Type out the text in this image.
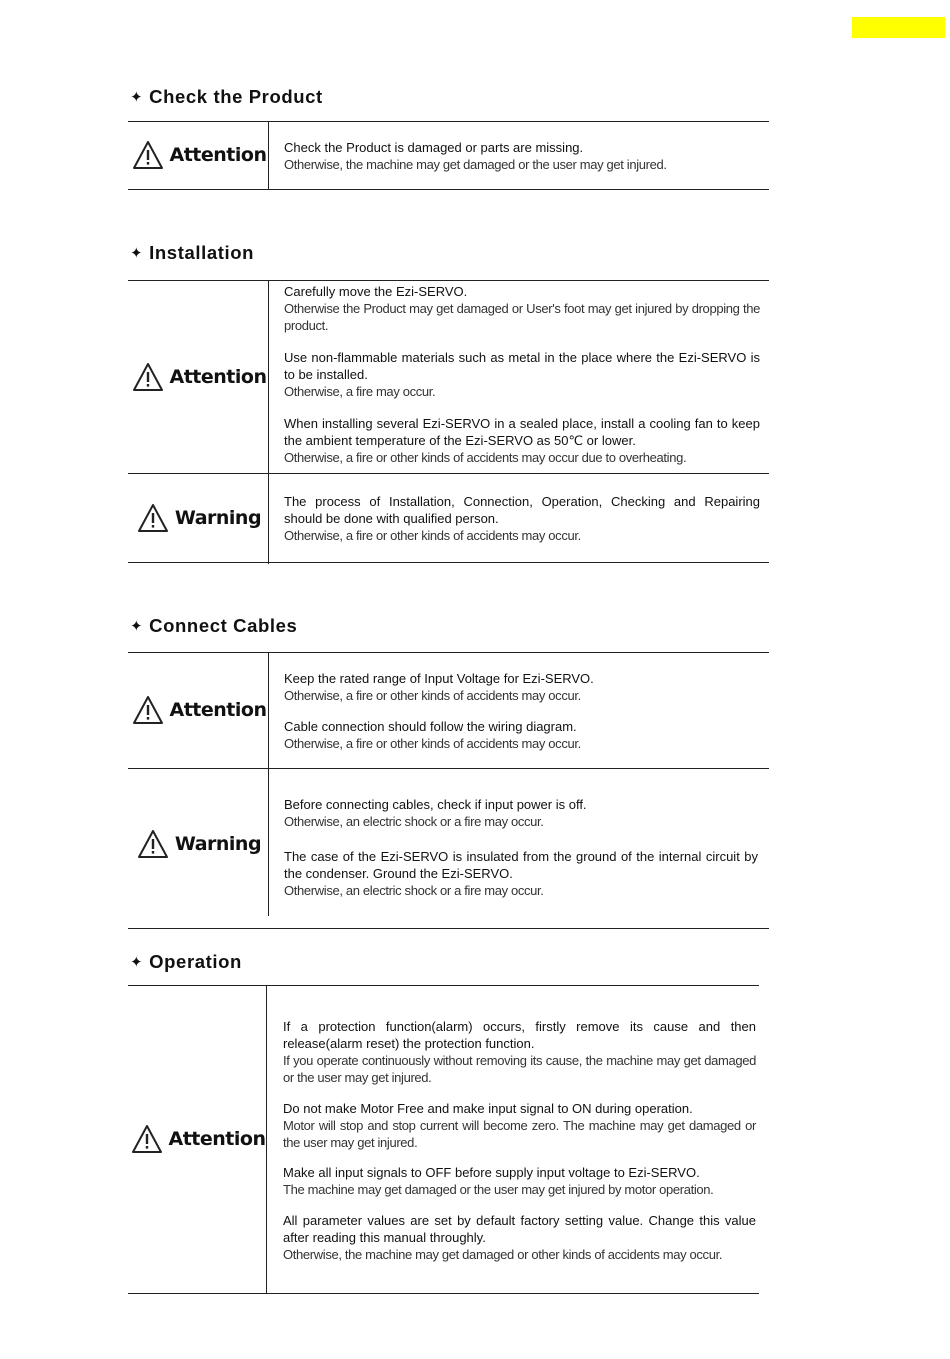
✦ Check the Product
Attention Check the Product is damaged or parts are missing.
Otherwise, the machine may get damaged or the user may get injured.

✦ Installation
Attention

Carefully move the Ezi-SERVO.
Otherwise the Product may get damaged or User's foot may get injured by dropping the product.

Use non-flammable materials such as metal in the place where the Ezi-SERVO is to be installed.
Otherwise, a fire may occur.

When installing several Ezi-SERVO in a sealed place, install a cooling fan to keep the ambient temperature of the Ezi-SERVO as 50℃ or lower.
Otherwise, a fire or other kinds of accidents may occur due to overheating.

Warning

The process of Installation, Connection, Operation, Checking and Repairing should be done with qualified person.
Otherwise, a fire or other kinds of accidents may occur.

✦ Connect Cables
Attention

Keep the rated range of Input Voltage for Ezi-SERVO.
Otherwise, a fire or other kinds of accidents may occur.

Cable connection should follow the wiring diagram.
Otherwise, a fire or other kinds of accidents may occur.

Warning

Before connecting cables, check if input power is off.
Otherwise, an electric shock or a fire may occur.

The case of the Ezi-SERVO is insulated from the ground of the internal circuit by the condenser. Ground the Ezi-SERVO.
Otherwise, an electric shock or a fire may occur.

✦ Operation
Attention

If a protection function(alarm) occurs, firstly remove its cause and then release(alarm reset) the protection function.
If you operate continuously without removing its cause, the machine may get damaged or the user may get injured.

Do not make Motor Free and make input signal to ON during operation.
Motor will stop and stop current will become zero. The machine may get damaged or the user may get injured.

Make all input signals to OFF before supply input voltage to Ezi-SERVO.
The machine may get damaged or the user may get injured by motor operation.

All parameter values are set by default factory setting value. Change this value after reading this manual throughly.
Otherwise, the machine may get damaged or other kinds of accidents may occur.
